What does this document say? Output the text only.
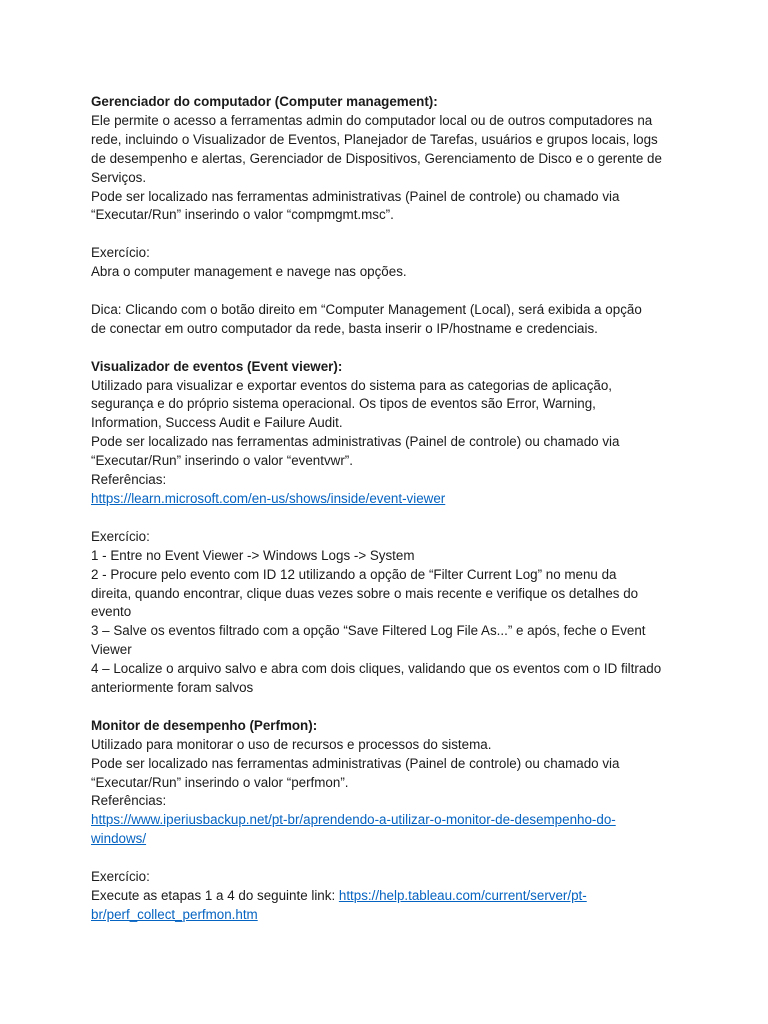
Gerenciador do computador (Computer management):
Ele permite o acesso a ferramentas admin do computador local ou de outros computadores na
rede, incluindo o Visualizador de Eventos, Planejador de Tarefas, usuários e grupos locais, logs
de desempenho e alertas, Gerenciador de Dispositivos, Gerenciamento de Disco e o gerente de
Serviços.
Pode ser localizado nas ferramentas administrativas (Painel de controle) ou chamado via
“Executar/Run” inserindo o valor “compmgmt.msc”.
Exercício:
Abra o computer management e navege nas opções.
Dica: Clicando com o botão direito em “Computer Management (Local), será exibida a opção
de conectar em outro computador da rede, basta inserir o IP/hostname e credenciais.
Visualizador de eventos (Event viewer):
Utilizado para visualizar e exportar eventos do sistema para as categorias de aplicação,
segurança e do próprio sistema operacional. Os tipos de eventos são Error, Warning,
Information, Success Audit e Failure Audit.
Pode ser localizado nas ferramentas administrativas (Painel de controle) ou chamado via
“Executar/Run” inserindo o valor “eventvwr”.
Referências:
https://learn.microsoft.com/en-us/shows/inside/event-viewer
Exercício:
1 - Entre no Event Viewer -> Windows Logs -> System
2 - Procure pelo evento com ID 12 utilizando a opção de “Filter Current Log” no menu da
direita, quando encontrar, clique duas vezes sobre o mais recente e verifique os detalhes do
evento
3 – Salve os eventos filtrado com a opção “Save Filtered Log File As...” e após, feche o Event
Viewer
4 – Localize o arquivo salvo e abra com dois cliques, validando que os eventos com o ID filtrado
anteriormente foram salvos
Monitor de desempenho (Perfmon):
Utilizado para monitorar o uso de recursos e processos do sistema.
Pode ser localizado nas ferramentas administrativas (Painel de controle) ou chamado via
“Executar/Run” inserindo o valor “perfmon”.
Referências:
https://www.iperiusbackup.net/pt-br/aprendendo-a-utilizar-o-monitor-de-desempenho-do-
windows/
Exercício:
Execute as etapas 1 a 4 do seguinte link: https://help.tableau.com/current/server/pt-
br/perf_collect_perfmon.htm
